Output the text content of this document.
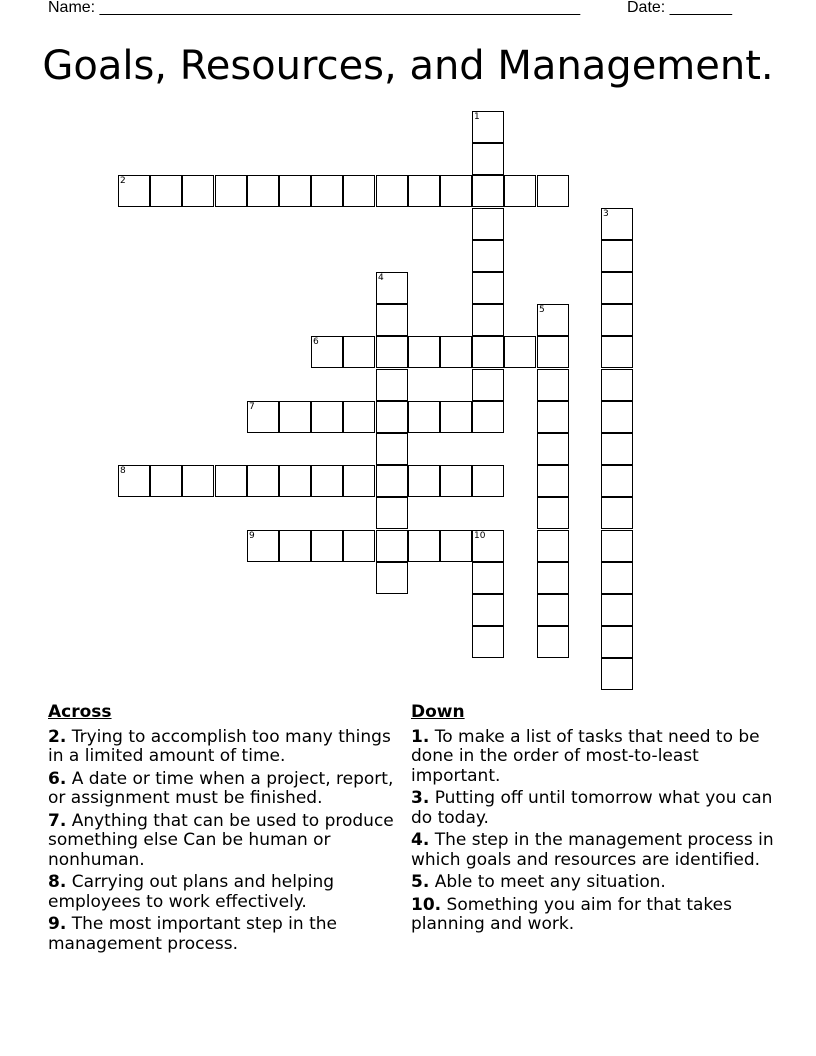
Name: ______________________________________________________	Date: _______
Goals, Resources, and Management.
1
2
3
4
5
6
7
8
9	10
Across
2. Trying to accomplish too many things in a limited amount of time.
6. A date or time when a project, report, or assignment must be finished.
7. Anything that can be used to produce something else Can be human or nonhuman.
8. Carrying out plans and helping employees to work effectively.
9. The most important step in the management process.
Down
1. To make a list of tasks that need to be done in the order of most-to-least important.
3. Putting off until tomorrow what you can do today.
4. The step in the management process in which goals and resources are identified.
5. Able to meet any situation.
10. Something you aim for that takes planning and work.
